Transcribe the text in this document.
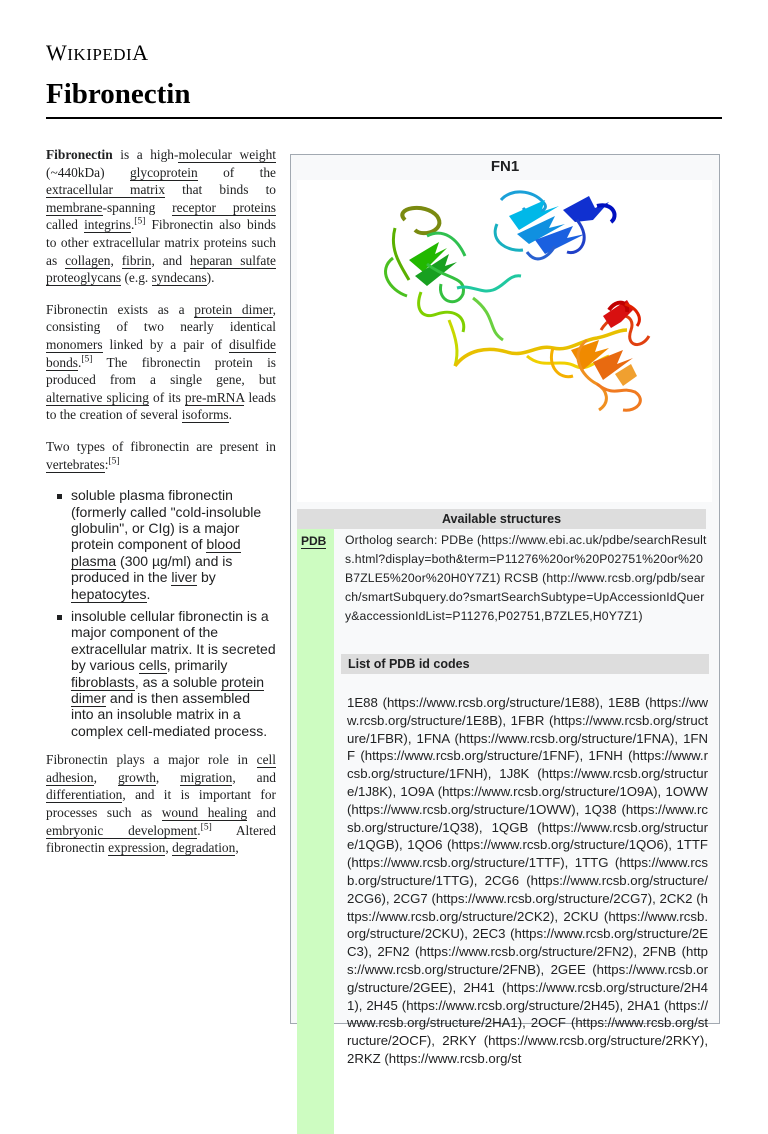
WIKIPEDIA
Fibronectin

Fibronectin is a high-molecular weight (~440kDa) glycoprotein of the extracellular matrix that binds to membrane-spanning receptor proteins called integrins.[5] Fibronectin also binds to other extracellular matrix proteins such as collagen, fibrin, and heparan sulfate proteoglycans (e.g. syndecans).

Fibronectin exists as a protein dimer, consisting of two nearly identical monomers linked by a pair of disulfide bonds.[5] The fibronectin protein is produced from a single gene, but alternative splicing of its pre-mRNA leads to the creation of several isoforms.

Two types of fibronectin are present in vertebrates:[5]

soluble plasma fibronectin (formerly called "cold-insoluble globulin", or CIg) is a major protein component of blood plasma (300 µg/ml) and is produced in the liver by hepatocytes.
insoluble cellular fibronectin is a major component of the extracellular matrix. It is secreted by various cells, primarily fibroblasts, as a soluble protein dimer and is then assembled into an insoluble matrix in a complex cell-mediated process.

Fibronectin plays a major role in cell adhesion, growth, migration, and differentiation, and it is important for processes such as wound healing and embryonic development.[5] Altered fibronectin expression, degradation,

FN1
Available structures
PDB	Ortholog search: PDBe (https://www.ebi.ac.uk/pdbe/searchResults.html?display=both&term=P11276%20or%20P02751%20or%20B7ZLE5%20or%20H0Y7Z1) RCSB (http://www.rcsb.org/pdb/search/smartSubquery.do?smartSearchSubtype=UpAccessionIdQuery&accessionIdList=P11276,P02751,B7ZLE5,H0Y7Z1)
List of PDB id codes
1E88 (https://www.rcsb.org/structure/1E88), 1E8B (https://www.rcsb.org/structure/1E8B), 1FBR (https://www.rcsb.org/structure/1FBR), 1FNA (https://www.rcsb.org/structure/1FNA), 1FNF (https://www.rcsb.org/structure/1FNF), 1FNH (https://www.rcsb.org/structure/1FNH), 1J8K (https://www.rcsb.org/structure/1J8K), 1O9A (https://www.rcsb.org/structure/1O9A), 1OWW (https://www.rcsb.org/structure/1OWW), 1Q38 (https://www.rcsb.org/structure/1Q38), 1QGB (https://www.rcsb.org/structure/1QGB), 1QO6 (https://www.rcsb.org/structure/1QO6), 1TTF (https://www.rcsb.org/structure/1TTF), 1TTG (https://www.rcsb.org/structure/1TTG), 2CG6 (https://www.rcsb.org/structure/2CG6), 2CG7 (https://www.rcsb.org/structure/2CG7), 2CK2 (https://www.rcsb.org/structure/2CK2), 2CKU (https://www.rcsb.org/structure/2CKU), 2EC3 (https://www.rcsb.org/structure/2EC3), 2FN2 (https://www.rcsb.org/structure/2FN2), 2FNB (https://www.rcsb.org/structure/2FNB), 2GEE (https://www.rcsb.org/structure/2GEE), 2H41 (https://www.rcsb.org/structure/2H41), 2H45 (https://www.rcsb.org/structure/2H45), 2HA1 (https://www.rcsb.org/structure/2HA1), 2OCF (https://www.rcsb.org/structure/2OCF), 2RKY (https://www.rcsb.org/structure/2RKY), 2RKZ (https://www.rcsb.org/st
